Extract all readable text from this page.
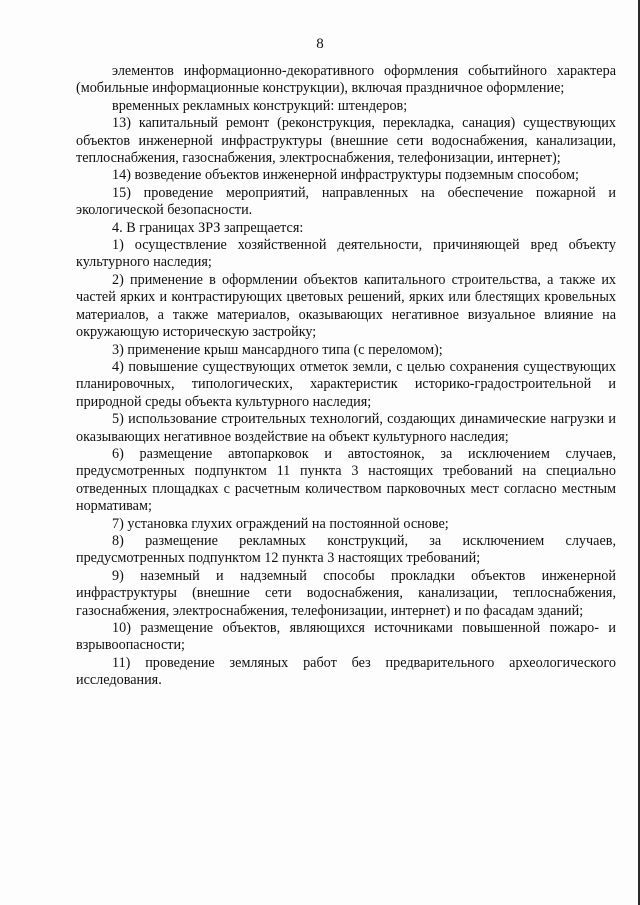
8

элементов информационно-декоративного оформления событийного характера (мобильные информационные конструкции), включая праздничное оформление;

временных рекламных конструкций: штендеров;

13) капитальный ремонт (реконструкция, перекладка, санация) существующих объектов инженерной инфраструктуры (внешние сети водоснабжения, канализации, теплоснабжения, газоснабжения, электроснабжения, телефонизации, интернет);

14) возведение объектов инженерной инфраструктуры подземным способом;

15) проведение мероприятий, направленных на обеспечение пожарной и экологической безопасности.

4. В границах ЗРЗ запрещается:

1) осуществление хозяйственной деятельности, причиняющей вред объекту культурного наследия;

2) применение в оформлении объектов капитального строительства, а также их частей ярких и контрастирующих цветовых решений, ярких или блестящих кровельных материалов, а также материалов, оказывающих негативное визуальное влияние на окружающую историческую застройку;

3) применение крыш мансардного типа (с переломом);

4) повышение существующих отметок земли, с целью сохранения существующих планировочных, типологических, характеристик историко-градостроительной и природной среды объекта культурного наследия;

5) использование строительных технологий, создающих динамические нагрузки и оказывающих негативное воздействие на объект культурного наследия;

6) размещение автопарковок и автостоянок, за исключением случаев, предусмотренных подпунктом 11 пункта 3 настоящих требований на специально отведенных площадках с расчетным количеством парковочных мест согласно местным нормативам;

7) установка глухих ограждений на постоянной основе;

8) размещение рекламных конструкций, за исключением случаев, предусмотренных подпунктом 12 пункта 3 настоящих требований;

9) наземный и надземный способы прокладки объектов инженерной инфраструктуры (внешние сети водоснабжения, канализации, теплоснабжения, газоснабжения, электроснабжения, телефонизации, интернет) и по фасадам зданий;

10) размещение объектов, являющихся источниками повышенной пожаро- и взрывоопасности;

11) проведение земляных работ без предварительного археологического исследования.
